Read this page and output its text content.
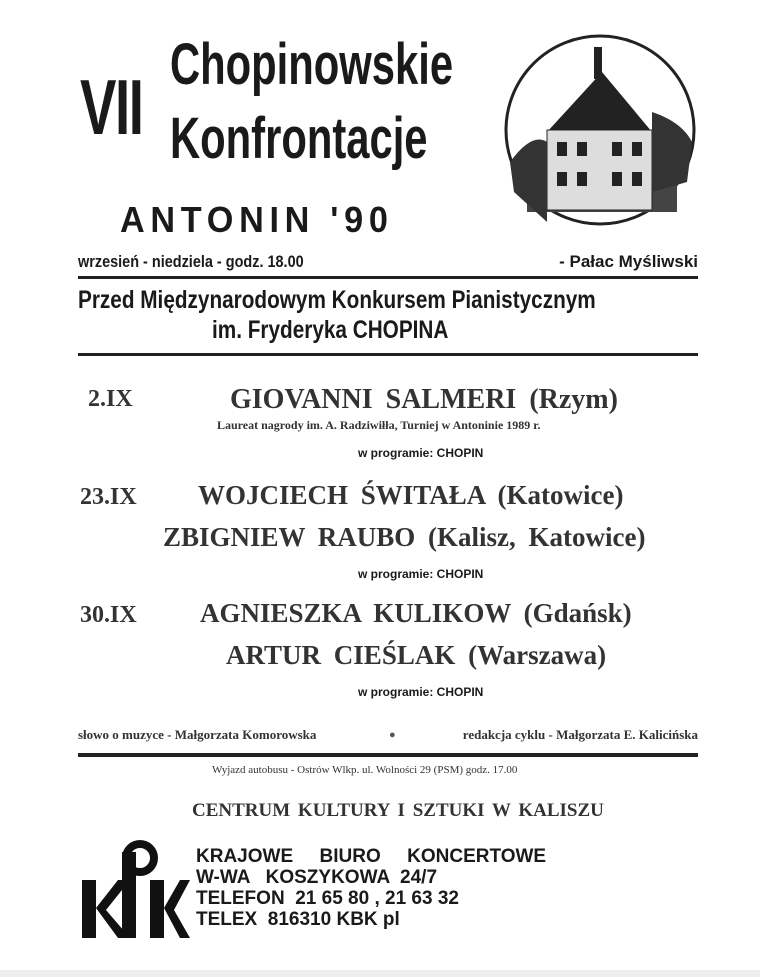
VII Chopinowskie
Konfrontacje
ANTONIN '90
wrzesień - niedziela - godz. 18.00	- Pałac Myśliwski
Przed Międzynarodowym Konkursem Pianistycznym
im. Fryderyka CHOPINA
2.IX	GIOVANNI SALMERI (Rzym)
Laureat nagrody im. A. Radziwiłła, Turniej w Antoninie 1989 r.
w programie: CHOPIN
23.IX WOJCIECH ŚWITAŁA (Katowice)
ZBIGNIEW RAUBO (Kalisz, Katowice)
w programie: CHOPIN
30.IX AGNIESZKA KULIKOW (Gdańsk)
ARTUR CIEŚLAK (Warszawa)
w programie: CHOPIN
słowo o muzyce - Małgorzata Komorowska	●	redakcja cyklu - Małgorzata E. Kalicińska
Wyjazd autobusu - Ostrów Wlkp. ul. Wolności 29 (PSM) godz. 17.00
CENTRUM KULTURY I SZTUKI W KALISZU
KRAJOWE     BIURO     KONCERTOWE
W-WA   KOSZYKOWA  24/7
TELEFON  21 65 80 , 21 63 32
TELEX  816310 KBK pl
